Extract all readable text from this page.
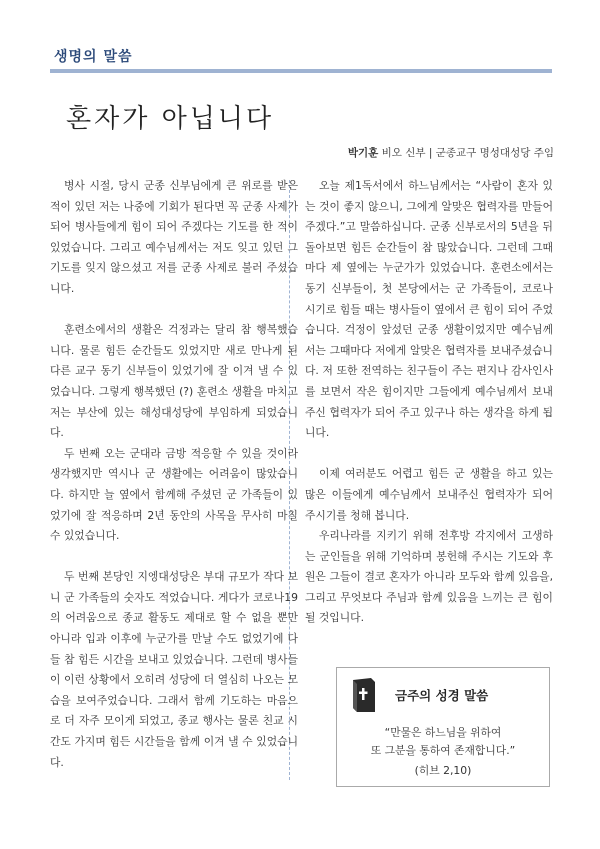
생명의 말씀
혼자가 아닙니다
박기훈 비오 신부 | 군종교구 명성대성당 주임

병사 시절, 당시 군종 신부님에게 큰 위로를 받은 적이 있던 저는 나중에 기회가 된다면 꼭 군종 사제가 되어 병사들에게 힘이 되어 주겠다는 기도를 한 적이 있었습니다. 그리고 예수님께서는 저도 잊고 있던 그 기도를 잊지 않으셨고 저를 군종 사제로 불러 주셨습니다.

훈련소에서의 생활은 걱정과는 달리 참 행복했습니다. 물론 힘든 순간들도 있었지만 새로 만나게 된 다른 교구 동기 신부들이 있었기에 잘 이겨 낼 수 있었습니다. 그렇게 행복했던 (?) 훈련소 생활을 마치고 저는 부산에 있는 해성대성당에 부임하게 되었습니다.

두 번째 오는 군대라 금방 적응할 수 있을 것이라 생각했지만 역시나 군 생활에는 어려움이 많았습니다. 하지만 늘 옆에서 함께해 주셨던 군 가족들이 있었기에 잘 적응하며 2년 동안의 사목을 무사히 마칠 수 있었습니다.

두 번째 본당인 지엥대성당은 부대 규모가 작다 보니 군 가족들의 숫자도 적었습니다. 게다가 코로나19의 어려움으로 종교 활동도 제대로 할 수 없을 뿐만 아니라 입과 이후에 누군가를 만날 수도 없었기에 다들 참 힘든 시간을 보내고 있었습니다. 그런데 병사들이 이런 상황에서 오히려 성당에 더 열심히 나오는 모습을 보여주었습니다. 그래서 함께 기도하는 마음으로 더 자주 모이게 되었고, 종교 행사는 물론 친교 시간도 가지며 힘든 시간들을 함께 이겨 낼 수 있었습니다.

오늘 제1독서에서 하느님께서는 “사람이 혼자 있는 것이 좋지 않으니, 그에게 알맞은 협력자를 만들어 주겠다.”고 말씀하십니다. 군종 신부로서의 5년을 뒤돌아보면 힘든 순간들이 참 많았습니다. 그런데 그때마다 제 옆에는 누군가가 있었습니다. 훈련소에서는 동기 신부들이, 첫 본당에서는 군 가족들이, 코로나 시기로 힘들 때는 병사들이 옆에서 큰 힘이 되어 주었습니다. 걱정이 앞섰던 군종 생활이었지만 예수님께서는 그때마다 저에게 알맞은 협력자를 보내주셨습니다. 저 또한 전역하는 친구들이 주는 편지나 감사인사를 보면서 작은 힘이지만 그들에게 예수님께서 보내주신 협력자가 되어 주고 있구나 하는 생각을 하게 됩니다.

이제 여러분도 어렵고 힘든 군 생활을 하고 있는 많은 이들에게 예수님께서 보내주신 협력자가 되어 주시기를 청해 봅니다.

우리나라를 지키기 위해 전후방 각지에서 고생하는 군인들을 위해 기억하며 봉헌해 주시는 기도와 후원은 그들이 결코 혼자가 아니라 모두와 함께 있음을, 그리고 무엇보다 주님과 함께 있음을 느끼는 큰 힘이 될 것입니다.

금주의 성경 말씀
“만물은 하느님을 위하여
또 그분을 통하여 존재합니다.”
(히브 2,10)
